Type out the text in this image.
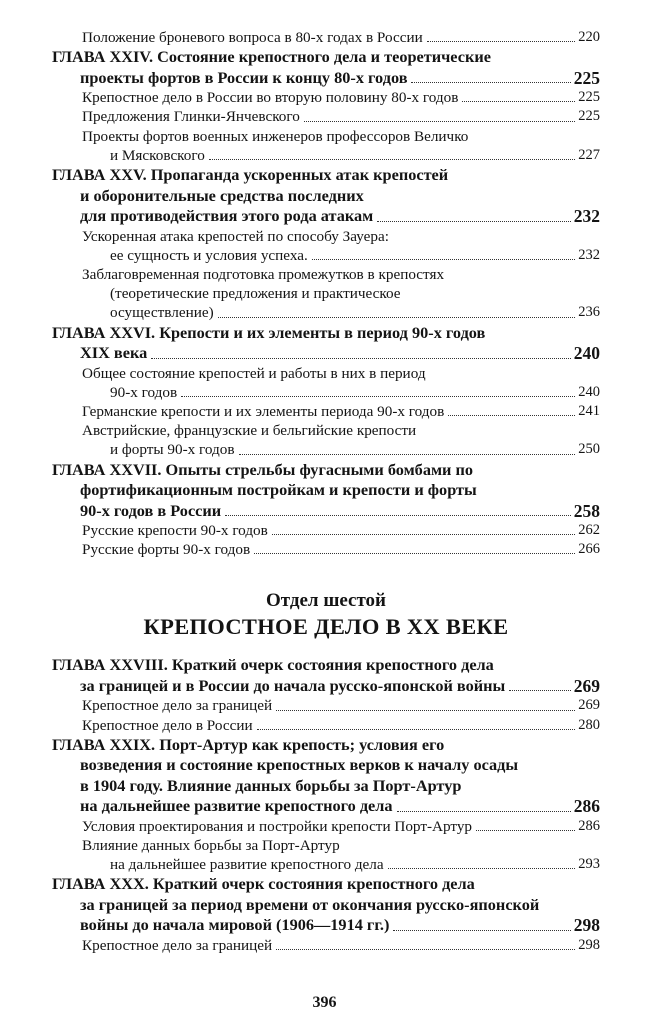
Положение броневого вопроса в 80-х годах в России	220
ГЛАВА XXIV. Состояние крепостного дела и теоретические
проекты фортов в России к концу 80-х годов	225
Крепостное дело в России во вторую половину 80-х годов	225
Предложения Глинки-Янчевского	225
Проекты фортов военных инженеров профессоров Величко
и Мясковского	227
ГЛАВА XXV. Пропаганда ускоренных атак крепостей
и оборонительные средства последних
для противодействия этого рода атакам	232
Ускоренная атака крепостей по способу Зауера:
ее сущность и условия успеха.	232
Заблаговременная подготовка промежутков в крепостях
(теоретические предложения и практическое
осуществление)	236
ГЛАВА XXVI. Крепости и их элементы в период 90-х годов
XIX века	240
Общее состояние крепостей и работы в них в период
90-х годов	240
Германские крепости и их элементы периода 90-х годов	241
Австрийские, французские и бельгийские крепости
и форты 90-х годов	250
ГЛАВА XXVII. Опыты стрельбы фугасными бомбами по
фортификационным постройкам и крепости и форты
90-х годов в России	258
Русские крепости 90-х годов	262
Русские форты 90-х годов	266
Отдел шестой
КРЕПОСТНОЕ ДЕЛО В XX ВЕКЕ
ГЛАВА XXVIII. Краткий очерк состояния крепостного дела
за границей и в России до начала русско-японской войны	269
Крепостное дело за границей	269
Крепостное дело в России	280
ГЛАВА XXIX. Порт-Артур как крепость; условия его
возведения и состояние крепостных верков к началу осады
в 1904 году. Влияние данных борьбы за Порт-Артур
на дальнейшее развитие крепостного дела	286
Условия проектирования и постройки крепости Порт-Артур	286
Влияние данных борьбы за Порт-Артур
на дальнейшее развитие крепостного дела	293
ГЛАВА XXX. Краткий очерк состояния крепостного дела
за границей за период времени от окончания русско-японской
войны до начала мировой (1906—1914 гг.)	298
Крепостное дело за границей	298
396
